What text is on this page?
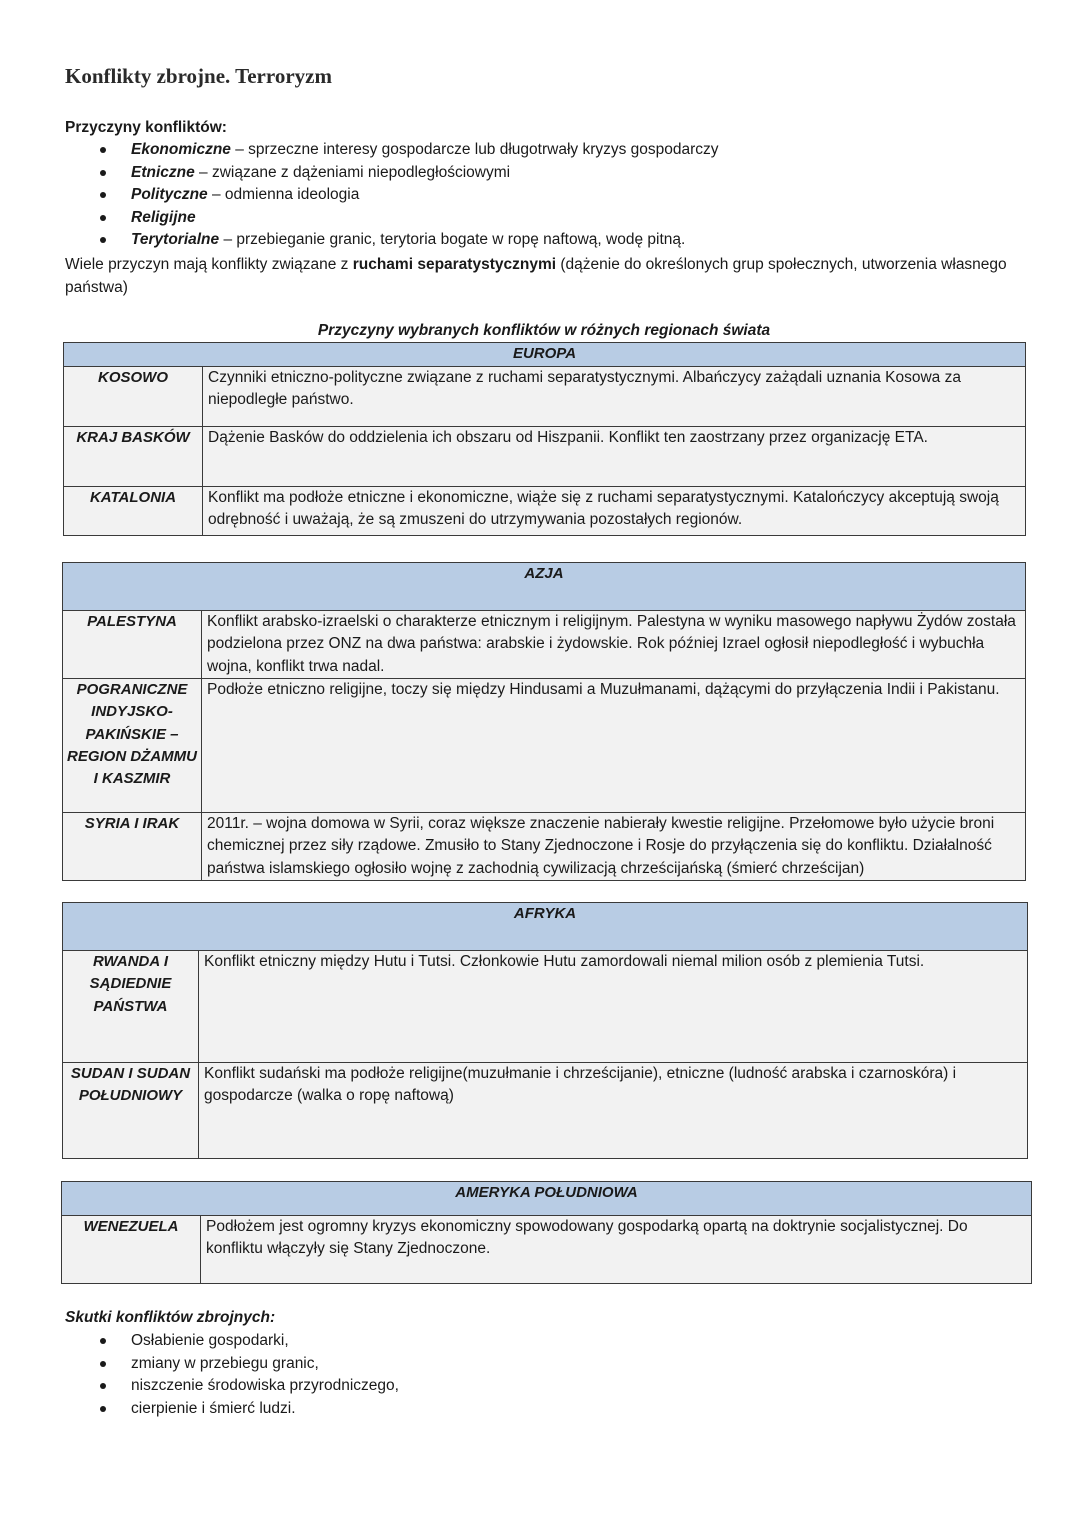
Konflikty zbrojne. Terroryzm
Przyczyny konfliktów:
Ekonomiczne – sprzeczne interesy gospodarcze lub długotrwały kryzys gospodarczy
Etniczne – związane z dążeniami niepodległościowymi
Polityczne – odmienna ideologia
Religijne
Terytorialne – przebieganie granic, terytoria bogate w ropę naftową, wodę pitną.
Wiele przyczyn mają konflikty związane z ruchami separatystycznymi (dążenie do określonych grup społecznych, utworzenia własnego państwa)
Przyczyny wybranych konfliktów w różnych regionach świata
EUROPA	
KOSOWO	Czynniki etniczno-polityczne związane z ruchami separatystycznymi. Albańczycy zażądali uznania Kosowa za niepodległe państwo.
KRAJ BASKÓW	Dążenie Basków do oddzielenia ich obszaru od Hiszpanii. Konflikt ten zaostrzany przez organizację ETA.
KATALONIA	Konflikt ma podłoże etniczne i ekonomiczne, wiąże się z ruchami separatystycznymi. Katalończycy akceptują swoją odrębność i uważają, że są zmuszeni do utrzymywania pozostałych regionów.
AZJA	
PALESTYNA	Konflikt arabsko-izraelski o charakterze etnicznym i religijnym. Palestyna w wyniku masowego napływu Żydów została podzielona przez ONZ na dwa państwa: arabskie i żydowskie. Rok później Izrael ogłosił niepodległość i wybuchła wojna, konflikt trwa nadal.
POGRANICZNE INDYJSKO-PAKIŃSKIE – REGION DŻAMMU I KASZMIR	Podłoże etniczno religijne, toczy się między Hindusami a Muzułmanami, dążącymi do przyłączenia Indii i Pakistanu.
SYRIA I IRAK	2011r. – wojna domowa w Syrii, coraz większe znaczenie nabierały kwestie religijne. Przełomowe było użycie broni chemicznej przez siły rządowe. Zmusiło to Stany Zjednoczone i Rosje do przyłączenia się do konfliktu. Działalność państwa islamskiego ogłosiło wojnę z zachodnią cywilizacją chrześcijańską (śmierć chrześcijan)
AFRYKA	
RWANDA I SĄDIEDNIE PAŃSTWA	Konflikt etniczny między Hutu i Tutsi. Członkowie Hutu zamordowali niemal milion osób z plemienia Tutsi.
SUDAN I SUDAN POŁUDNIOWY	Konflikt sudański ma podłoże religijne(muzułmanie i chrześcijanie), etniczne (ludność arabska i czarnoskóra) i gospodarcze (walka o ropę naftową)
AMERYKA POŁUDNIOWA
WENEZUELA	Podłożem jest ogromny kryzys ekonomiczny spowodowany gospodarką opartą na doktrynie socjalistycznej. Do konfliktu włączyły się Stany Zjednoczone.
Skutki konfliktów zbrojnych:
Osłabienie gospodarki,
zmiany w przebiegu granic,
niszczenie środowiska przyrodniczego,
cierpienie i śmierć ludzi.
